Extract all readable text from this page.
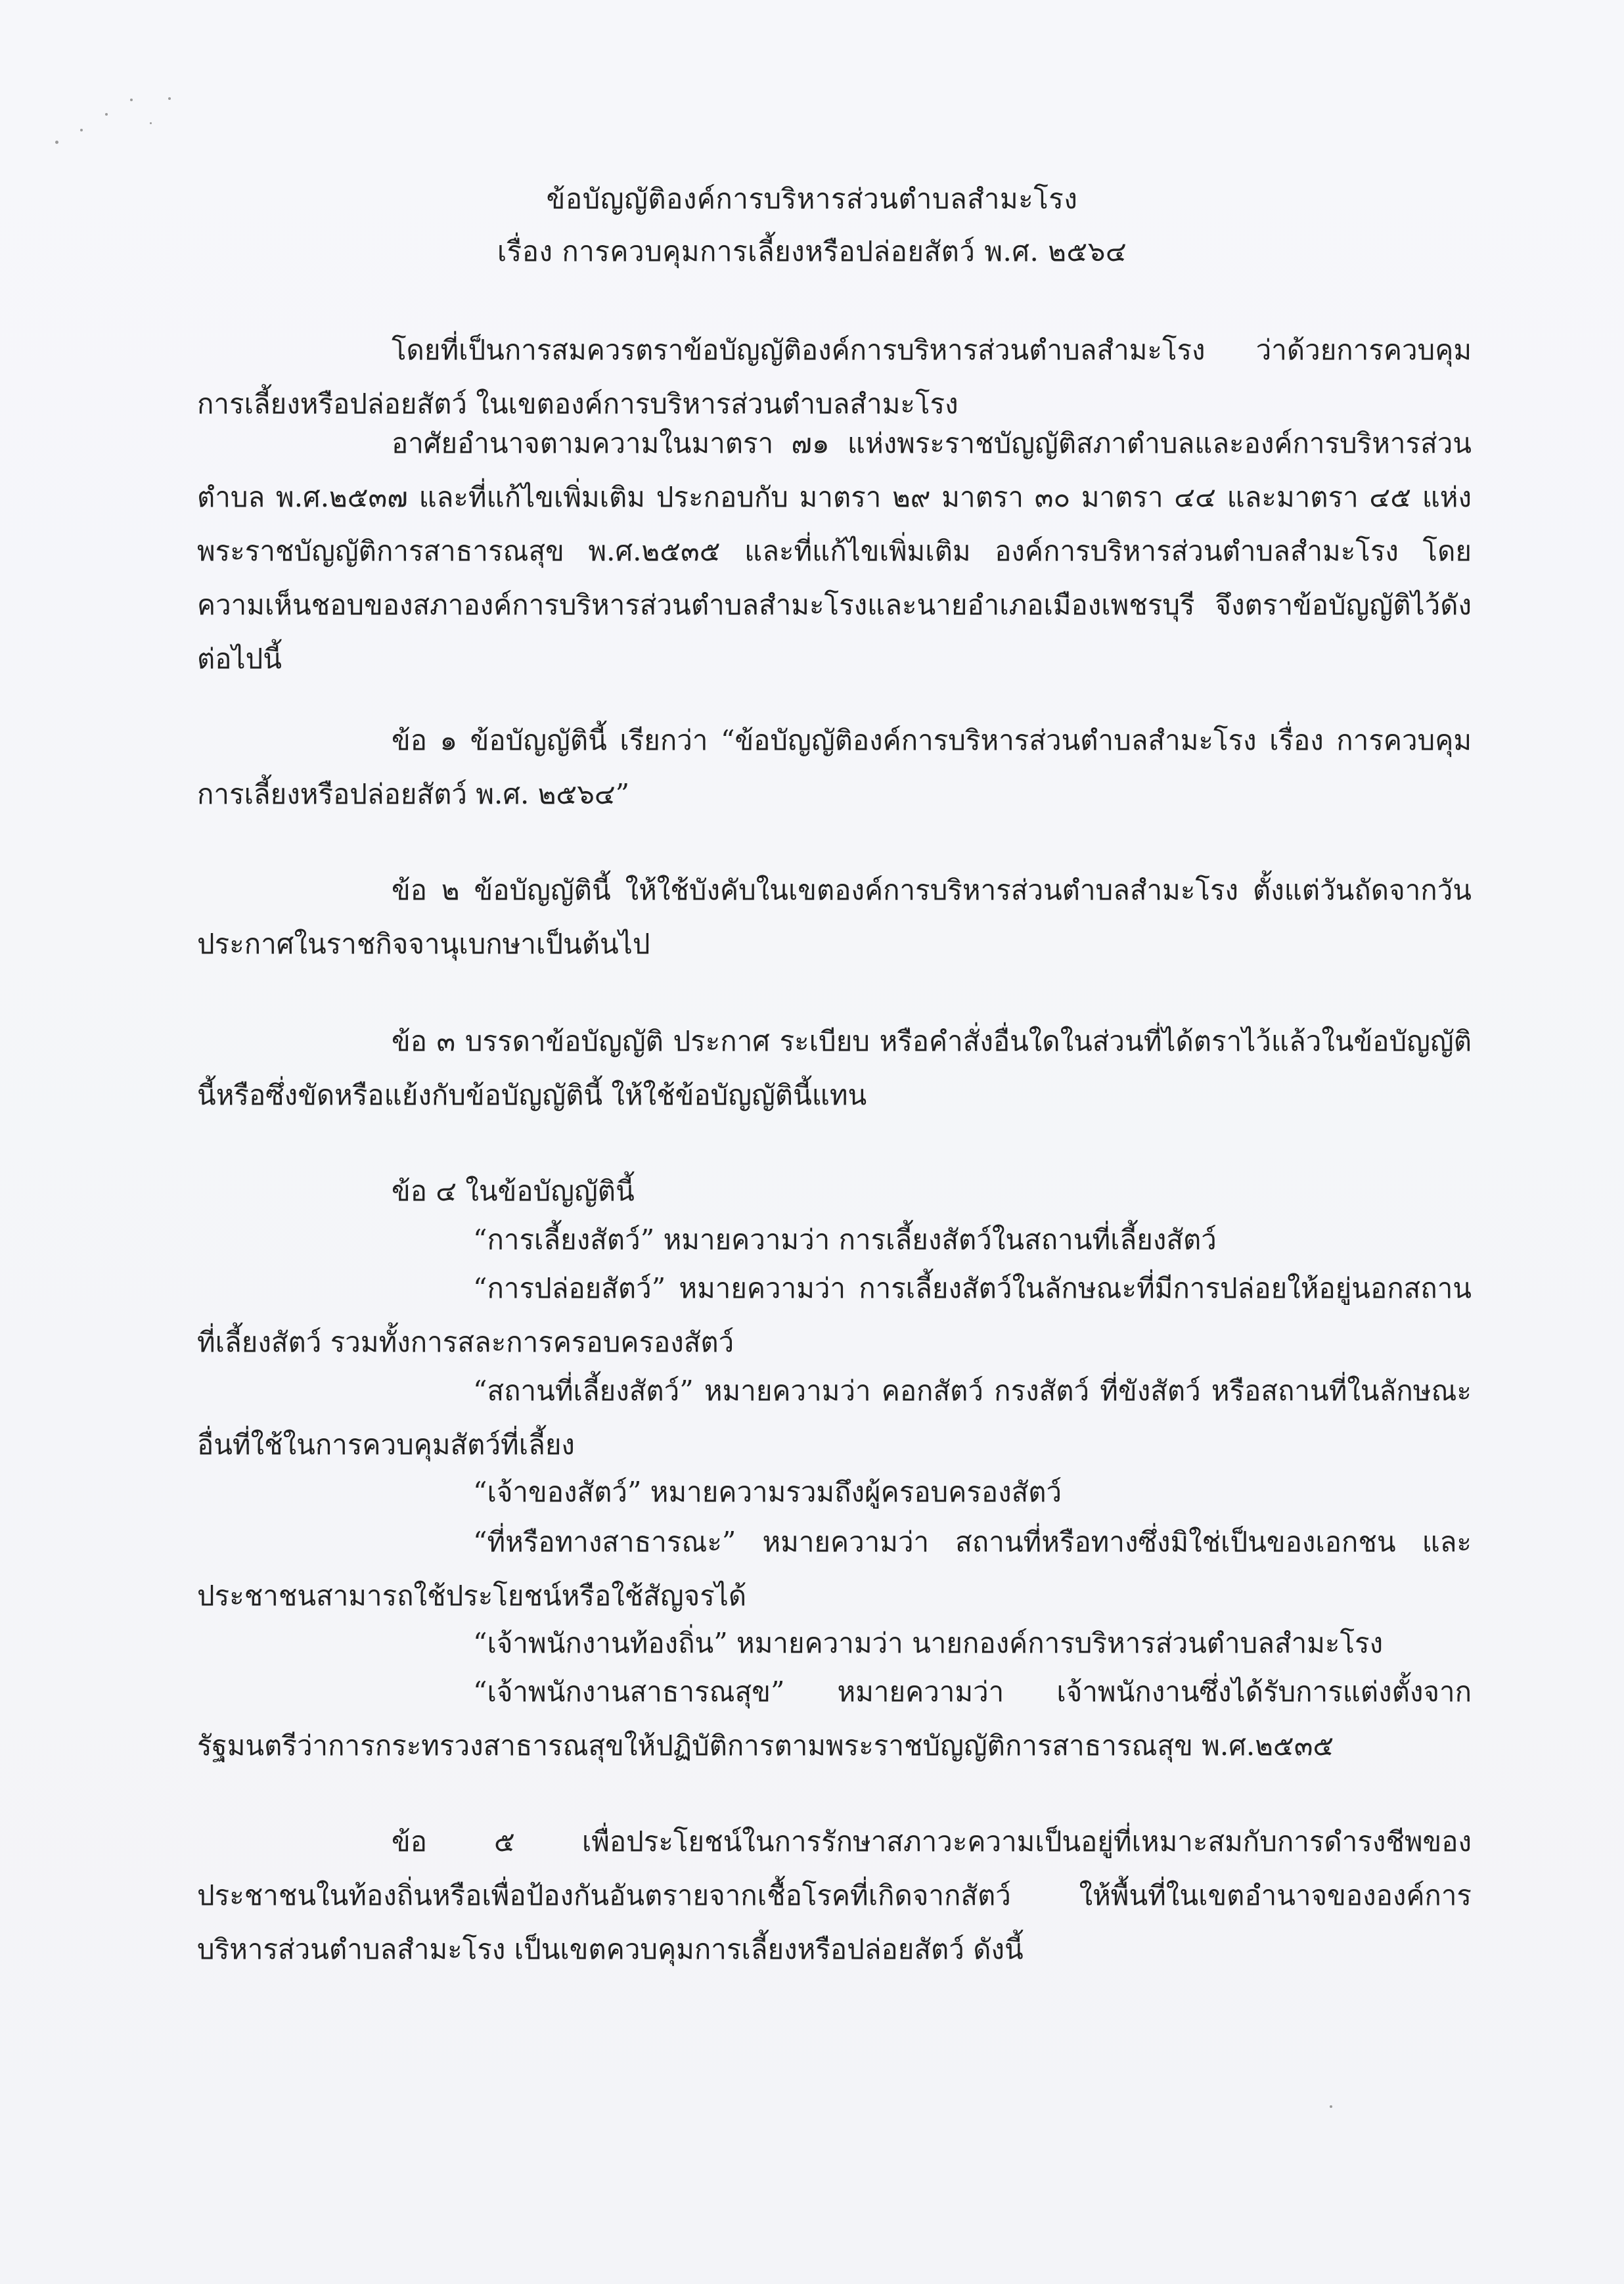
ข้อบัญญัติองค์การบริหารส่วนตำบลสำมะโรง
เรื่อง การควบคุมการเลี้ยงหรือปล่อยสัตว์ พ.ศ. ๒๕๖๔
โดยที่เป็นการสมควรตราข้อบัญญัติองค์การบริหารส่วนตำบลสำมะโรง ว่าด้วยการควบคุมการเลี้ยงหรือปล่อยสัตว์ ในเขตองค์การบริหารส่วนตำบลสำมะโรง
อาศัยอำนาจตามความในมาตรา ๗๑ แห่งพระราชบัญญัติสภาตำบลและองค์การบริหารส่วนตำบล พ.ศ.๒๕๓๗ และที่แก้ไขเพิ่มเติม ประกอบกับ มาตรา ๒๙ มาตรา ๓๐ มาตรา ๔๔ และมาตรา ๔๕ แห่งพระราชบัญญัติการสาธารณสุข พ.ศ.๒๕๓๕ และที่แก้ไขเพิ่มเติม องค์การบริหารส่วนตำบลสำมะโรง โดยความเห็นชอบของสภาองค์การบริหารส่วนตำบลสำมะโรงและนายอำเภอเมืองเพชรบุรี จึงตราข้อบัญญัติไว้ดังต่อไปนี้
ข้อ ๑ ข้อบัญญัตินี้ เรียกว่า “ข้อบัญญัติองค์การบริหารส่วนตำบลสำมะโรง เรื่อง การควบคุมการเลี้ยงหรือปล่อยสัตว์ พ.ศ. ๒๕๖๔”
ข้อ ๒ ข้อบัญญัตินี้ ให้ใช้บังคับในเขตองค์การบริหารส่วนตำบลสำมะโรง ตั้งแต่วันถัดจากวันประกาศในราชกิจจานุเบกษาเป็นต้นไป
ข้อ ๓ บรรดาข้อบัญญัติ ประกาศ ระเบียบ หรือคำสั่งอื่นใดในส่วนที่ได้ตราไว้แล้วในข้อบัญญัตินี้หรือซึ่งขัดหรือแย้งกับข้อบัญญัตินี้ ให้ใช้ข้อบัญญัตินี้แทน
ข้อ ๔ ในข้อบัญญัตินี้
“การเลี้ยงสัตว์” หมายความว่า การเลี้ยงสัตว์ในสถานที่เลี้ยงสัตว์
“การปล่อยสัตว์” หมายความว่า การเลี้ยงสัตว์ในลักษณะที่มีการปล่อยให้อยู่นอกสถานที่เลี้ยงสัตว์ รวมทั้งการสละการครอบครองสัตว์
“สถานที่เลี้ยงสัตว์” หมายความว่า คอกสัตว์ กรงสัตว์ ที่ขังสัตว์ หรือสถานที่ในลักษณะอื่นที่ใช้ในการควบคุมสัตว์ที่เลี้ยง
“เจ้าของสัตว์” หมายความรวมถึงผู้ครอบครองสัตว์
“ที่หรือทางสาธารณะ” หมายความว่า สถานที่หรือทางซึ่งมิใช่เป็นของเอกชน และประชาชนสามารถใช้ประโยชน์หรือใช้สัญจรได้
“เจ้าพนักงานท้องถิ่น” หมายความว่า นายกองค์การบริหารส่วนตำบลสำมะโรง
“เจ้าพนักงานสาธารณสุข” หมายความว่า เจ้าพนักงานซึ่งได้รับการแต่งตั้งจากรัฐมนตรีว่าการกระทรวงสาธารณสุขให้ปฏิบัติการตามพระราชบัญญัติการสาธารณสุข พ.ศ.๒๕๓๕
ข้อ ๕ เพื่อประโยชน์ในการรักษาสภาวะความเป็นอยู่ที่เหมาะสมกับการดำรงชีพของประชาชนในท้องถิ่นหรือเพื่อป้องกันอันตรายจากเชื้อโรคที่เกิดจากสัตว์ ให้พื้นที่ในเขตอำนาจขององค์การบริหารส่วนตำบลสำมะโรง เป็นเขตควบคุมการเลี้ยงหรือปล่อยสัตว์ ดังนี้
